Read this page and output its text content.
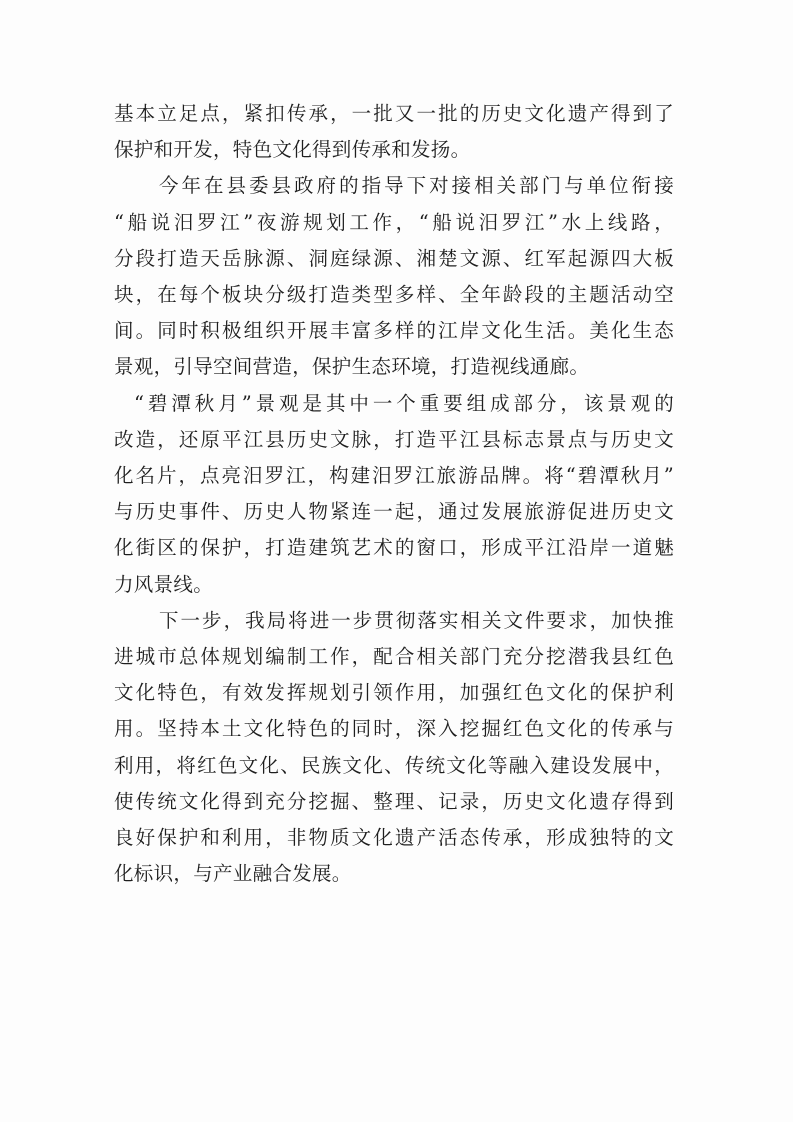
基本立足点，紧扣传承，一批又一批的历史文化遗产得到了
保护和开发，特色文化得到传承和发扬。
今年在县委县政府的指导下对接相关部门与单位衔接
“船说汨罗江”夜游规划工作，“船说汨罗江”水上线路，
分段打造天岳脉源、洞庭绿源、湘楚文源、红军起源四大板
块，在每个板块分级打造类型多样、全年龄段的主题活动空
间。同时积极组织开展丰富多样的江岸文化生活。美化生态
景观，引导空间营造，保护生态环境，打造视线通廊。
“碧潭秋月”景观是其中一个重要组成部分，该景观的
改造，还原平江县历史文脉，打造平江县标志景点与历史文
化名片，点亮汨罗江，构建汨罗江旅游品牌。将“碧潭秋月”
与历史事件、历史人物紧连一起，通过发展旅游促进历史文
化街区的保护，打造建筑艺术的窗口，形成平江沿岸一道魅
力风景线。
下一步，我局将进一步贯彻落实相关文件要求，加快推
进城市总体规划编制工作，配合相关部门充分挖潜我县红色
文化特色，有效发挥规划引领作用，加强红色文化的保护利
用。坚持本土文化特色的同时，深入挖掘红色文化的传承与
利用，将红色文化、民族文化、传统文化等融入建设发展中，
使传统文化得到充分挖掘、整理、记录，历史文化遗存得到
良好保护和利用，非物质文化遗产活态传承，形成独特的文
化标识，与产业融合发展。
